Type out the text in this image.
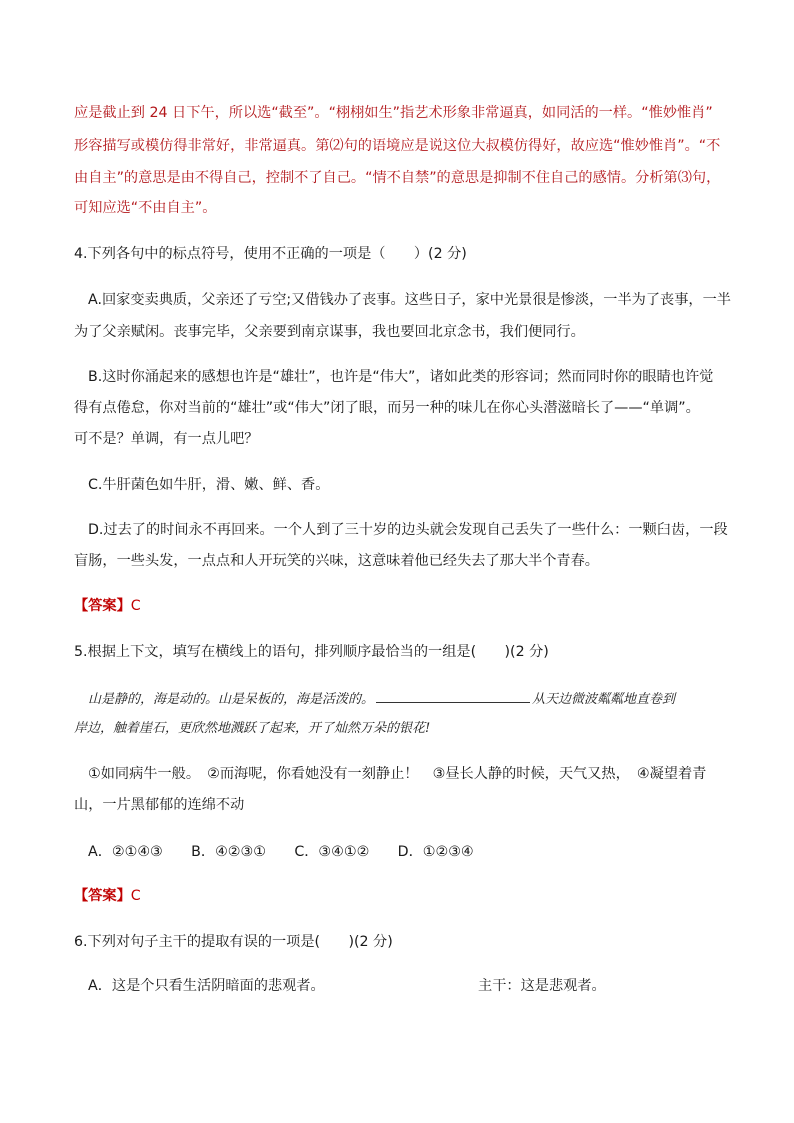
应是截止到 24 日下午，所以选“截至”。“栩栩如生”指艺术形象非常逼真，如同活的一样。“惟妙惟肖”
形容描写或模仿得非常好，非常逼真。第⑵句的语境应是说这位大叔模仿得好，故应选“惟妙惟肖”。“不
由自主”的意思是由不得自己，控制不了自己。“情不自禁”的意思是抑制不住自己的感情。分析第⑶句，
可知应选“不由自主”。
4.下列各句中的标点符号，使用不正确的一项是（　　）(2 分)
A.回家变卖典质，父亲还了亏空;又借钱办了丧事。这些日子，家中光景很是惨淡，一半为了丧事，一半
为了父亲赋闲。丧事完毕，父亲要到南京谋事，我也要回北京念书，我们便同行。
B.这时你涌起来的感想也许是“雄壮”，也许是“伟大”，诸如此类的形容词；然而同时你的眼睛也许觉
得有点倦怠，你对当前的“雄壮”或“伟大”闭了眼，而另一种的味儿在你心头潜滋暗长了——“单调”。
可不是？单调，有一点儿吧？
C.牛肝菌色如牛肝，滑、嫩、鲜、香。
D.过去了的时间永不再回来。一个人到了三十岁的边头就会发现自己丢失了一些什么：一颗臼齿，一段
盲肠，一些头发，一点点和人开玩笑的兴味，这意味着他已经失去了那大半个青春。
【答案】C
5.根据上下文，填写在横线上的语句，排列顺序最恰当的一组是(　　)(2 分)
山是静的，海是动的。山是呆板的，海是活泼的。	从天边微波粼粼地直卷到
岸边，触着崖石，更欣然地溅跃了起来，开了灿然万朵的银花!
①如同病牛一般。　②而海呢，你看她没有一刻静止！　③昼长人静的时候，天气又热，　④凝望着青
山，一片黑郁郁的连绵不动
A．②①④③　　B．④②③①　　C．③④①②　　D．①②③④
【答案】C
6.下列对句子主干的提取有误的一项是(　　)(2 分)
A．这是个只看生活阴暗面的悲观者。	主干：这是悲观者。
